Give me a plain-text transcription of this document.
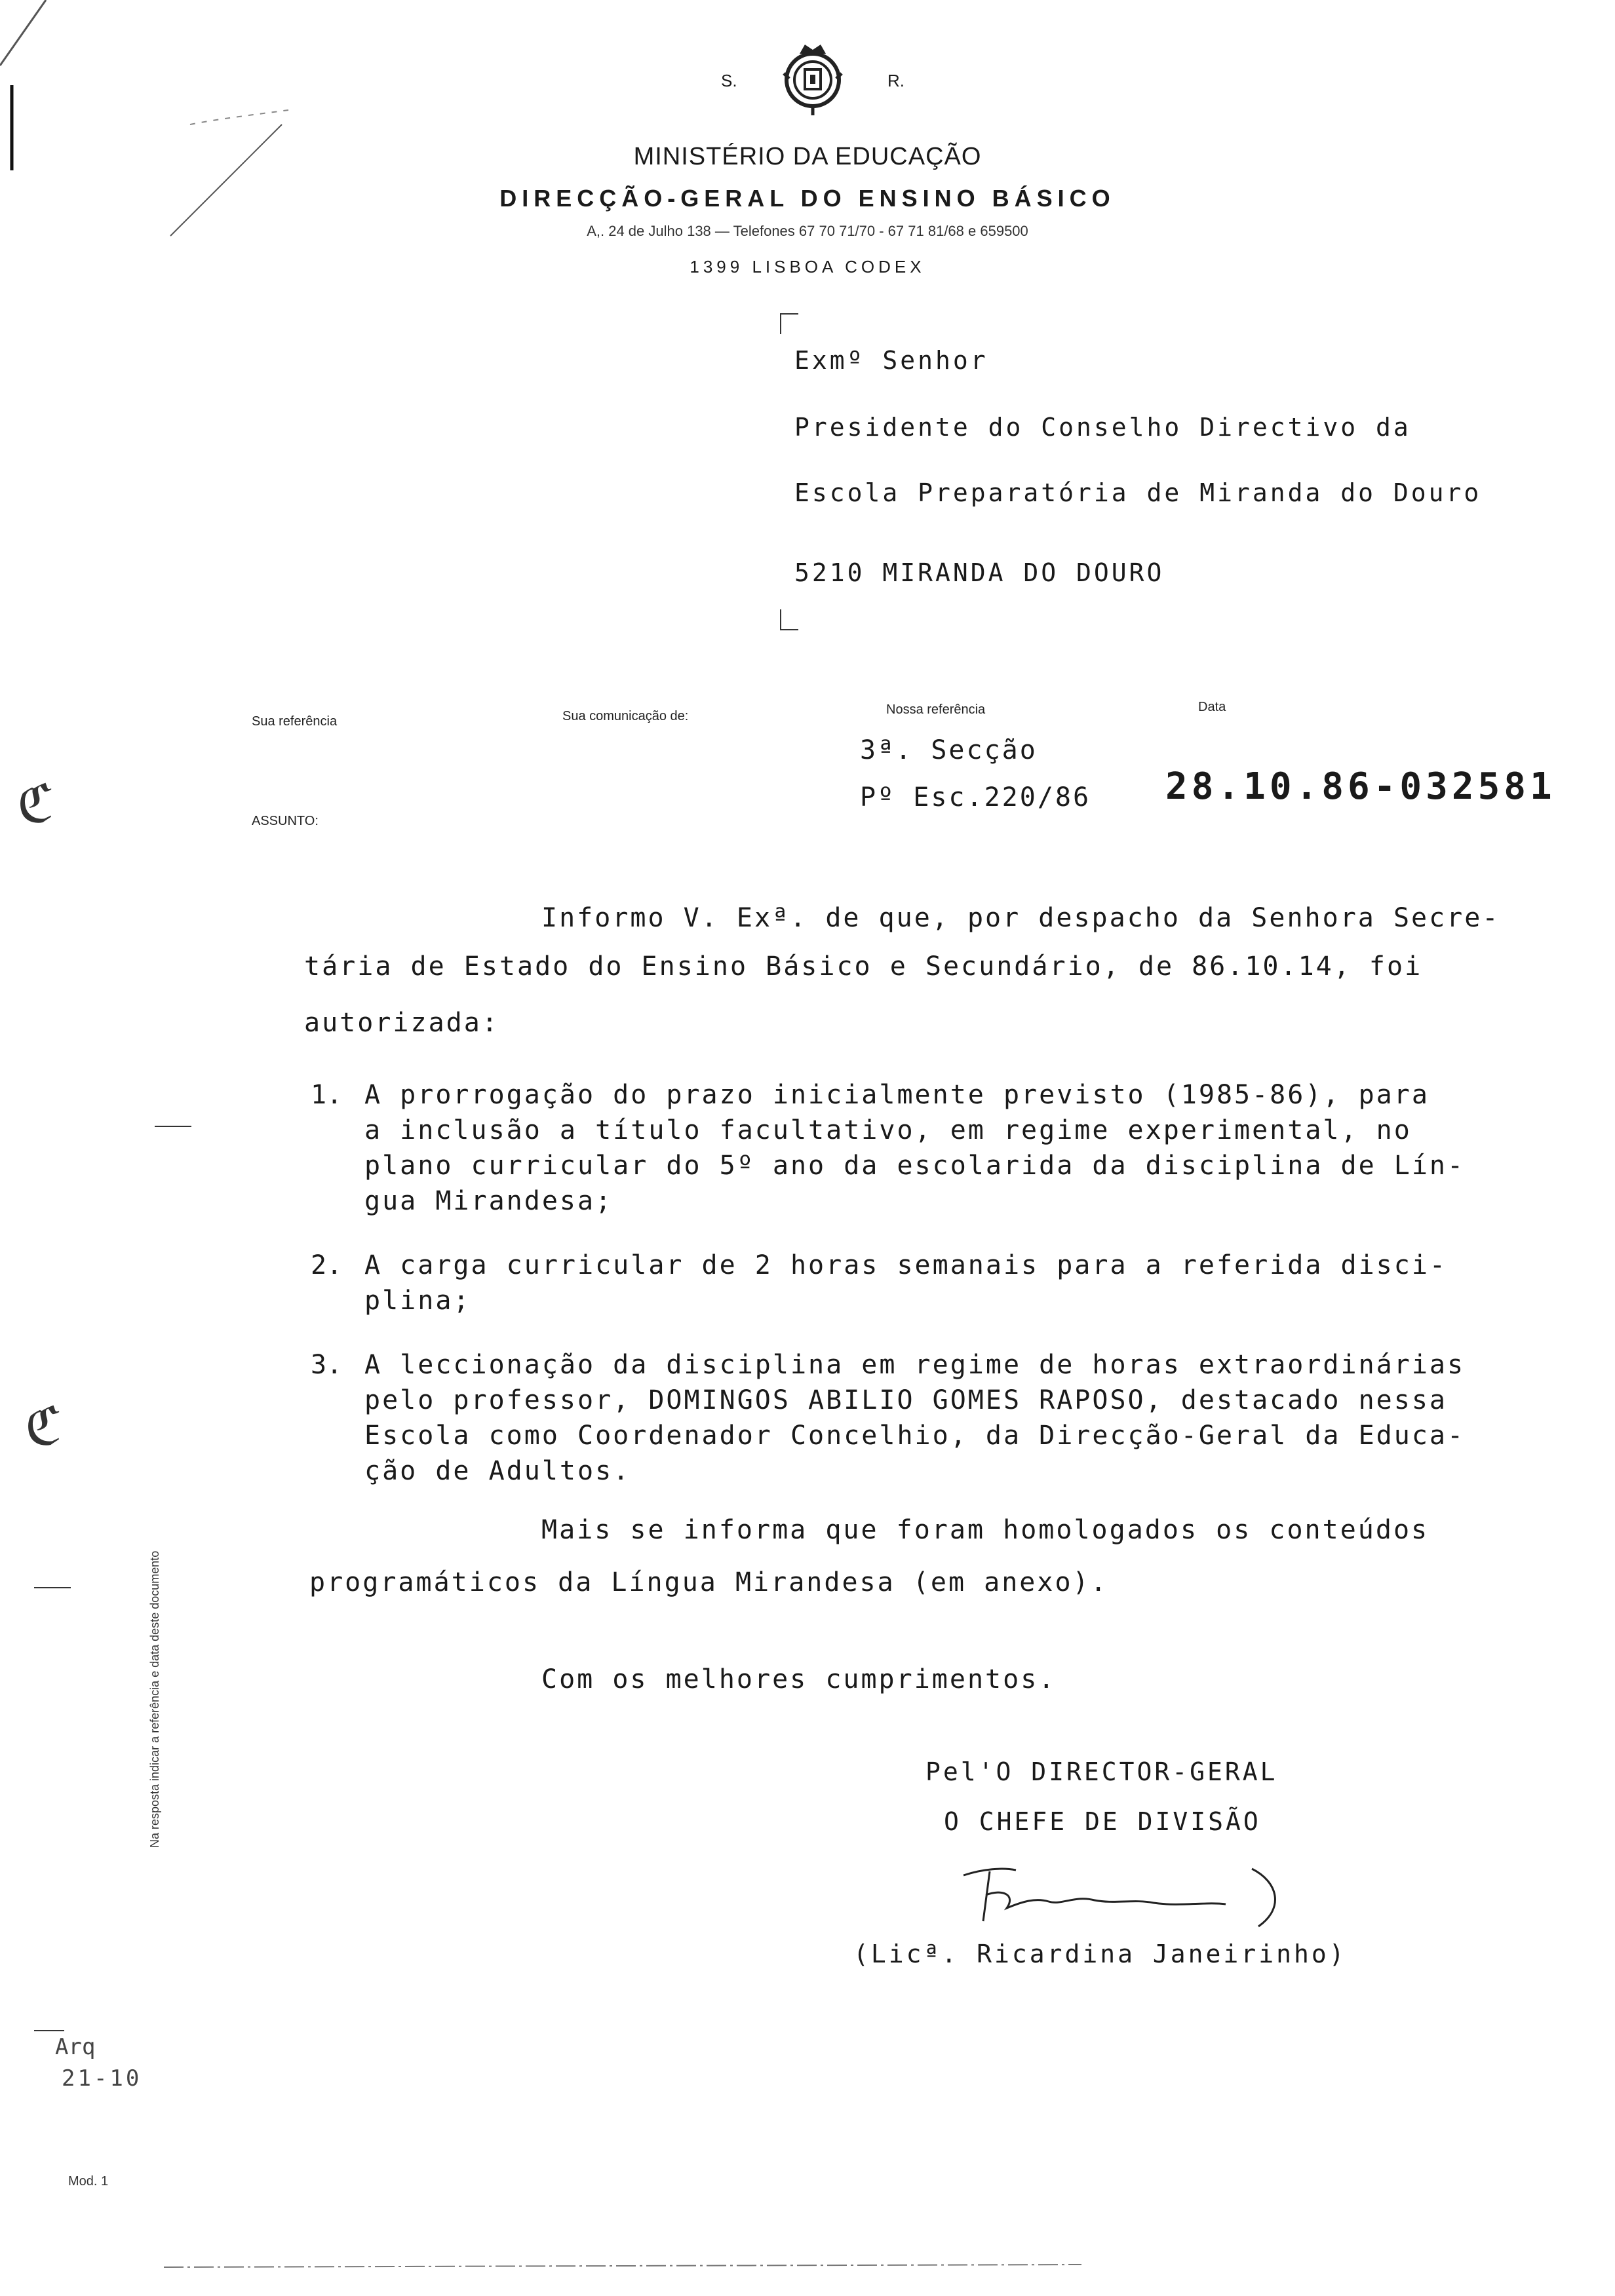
S.	R.
MINISTÉRIO DA EDUCAÇÃO
DIRECÇÃO-GERAL DO ENSINO BÁSICO
A,. 24 de Julho 138 — Telefones 67 70 71/70 - 67 71 81/68 e 659500
1399 LISBOA CODEX
Exmº Senhor
Presidente do Conselho Directivo da
Escola Preparatória de Miranda do Douro
5210 MIRANDA DO DOURO
Sua referência	Sua comunicação de:	Nossa referência	Data
ASSUNTO:
3ª. Secção
Pº Esc.220/86 28.10.86-032581
Informo V. Exª. de que, por despacho da Senhora Secre-
tária de Estado do Ensino Básico e Secundário, de 86.10.14, foi
autorizada:
1. A prorrogação do prazo inicialmente previsto (1985-86), para
a inclusão a título facultativo, em regime experimental, no
plano curricular do 5º ano da escolarida da disciplina de Lín-
gua Mirandesa;
2. A carga curricular de 2 horas semanais para a referida disci-
plina;
3. A leccionação da disciplina em regime de horas extraordinárias
pelo professor, DOMINGOS ABILIO GOMES RAPOSO, destacado nessa
Escola como Coordenador Concelhio, da Direcção-Geral da Educa-
ção de Adultos.
Mais se informa que foram homologados os conteúdos
programáticos da Língua Mirandesa (em anexo).
Com os melhores cumprimentos.
Pel'O DIRECTOR-GERAL
O CHEFE DE DIVISÃO
(Licª. Ricardina Janeirinho)
Na resposta indicar a referência e data deste documento
Arq
21-10
Mod. 1
ℭ
ℭ
